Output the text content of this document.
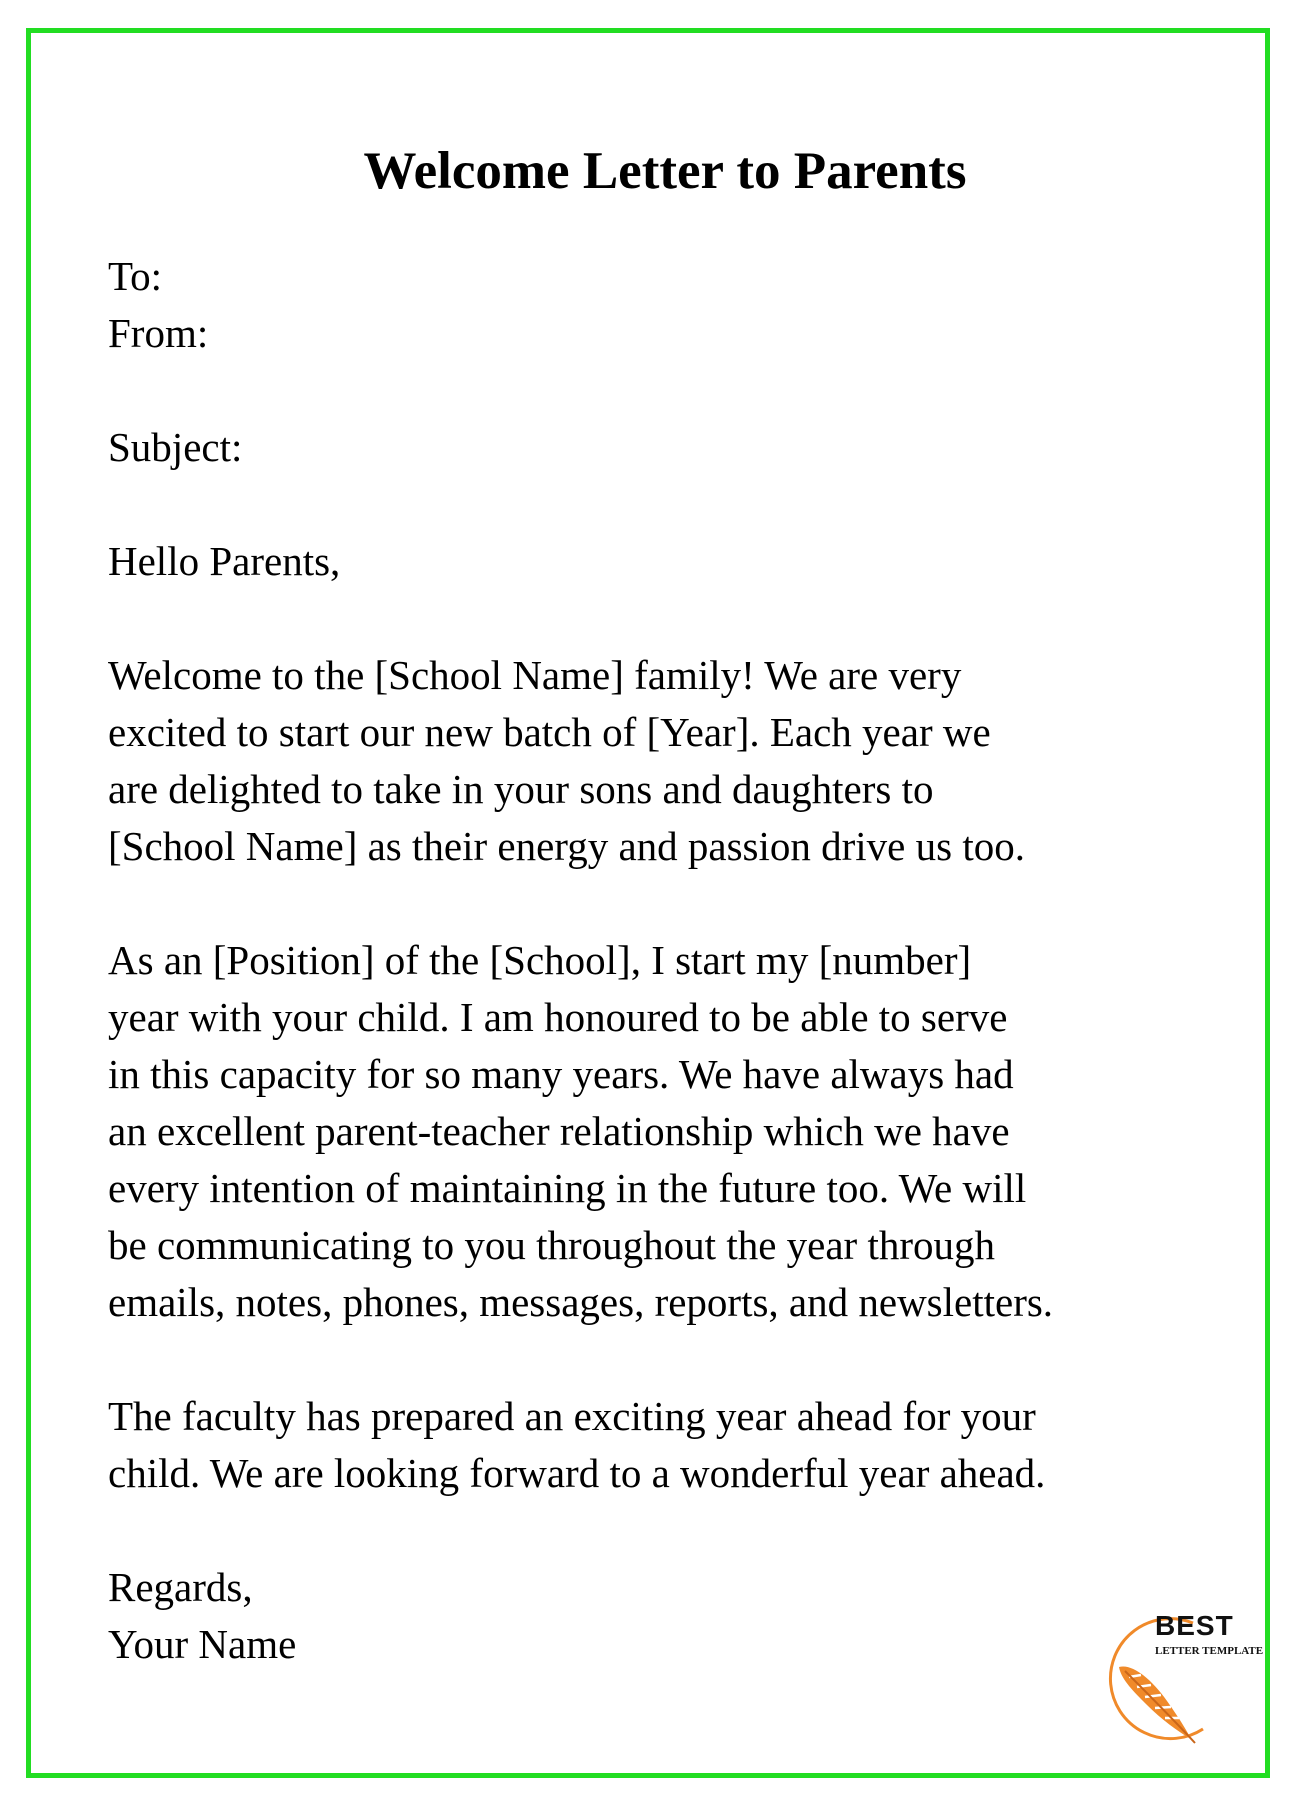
Welcome Letter to Parents
To:
From:
Subject:
Hello Parents,
Welcome to the [School Name] family! We are very
excited to start our new batch of [Year]. Each year we
are delighted to take in your sons and daughters to
[School Name] as their energy and passion drive us too.
As an [Position] of the [School], I start my [number]
year with your child. I am honoured to be able to serve
in this capacity for so many years. We have always had
an excellent parent-teacher relationship which we have
every intention of maintaining in the future too. We will
be communicating to you throughout the year through
emails, notes, phones, messages, reports, and newsletters.
The faculty has prepared an exciting year ahead for your
child. We are looking forward to a wonderful year ahead.
Regards,
Your Name	BEST
LETTER TEMPLATE
